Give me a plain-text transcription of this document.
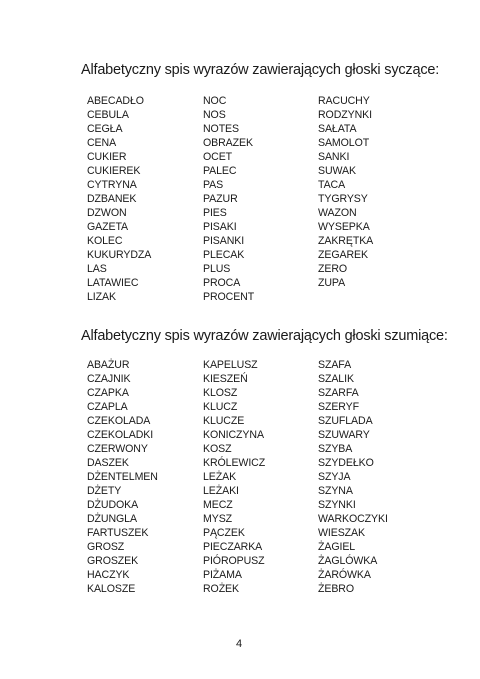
Alfabetyczny spis wyrazów zawierających głoski syczące:
ABECADŁO
CEBULA
CEGŁA
CENA
CUKIER
CUKIEREK
CYTRYNA
DZBANEK
DZWON
GAZETA
KOLEC
KUKURYDZA
LAS
LATAWIEC
LIZAK
NOC
NOS
NOTES
OBRAZEK
OCET
PALEC
PAS
PAZUR
PIES
PISAKI
PISANKI
PLECAK
PLUS
PROCA
PROCENT
RACUCHY
RODZYNKI
SAŁATA
SAMOLOT
SANKI
SUWAK
TACA
TYGRYSY
WAZON
WYSEPKA
ZAKRĘTKA
ZEGAREK
ZERO
ZUPA
Alfabetyczny spis wyrazów zawierających głoski szumiące:
ABAŻUR
CZAJNIK
CZAPKA
CZAPLA
CZEKOLADA
CZEKOLADKI
CZERWONY
DASZEK
DŻENTELMEN
DŻETY
DŻUDOKA
DŻUNGLA
FARTUSZEK
GROSZ
GROSZEK
HACZYK
KALOSZE
KAPELUSZ
KIESZEŃ
KLOSZ
KLUCZ
KLUCZE
KONICZYNA
KOSZ
KRÓLEWICZ
LEŻAK
LEŻAKI
MECZ
MYSZ
PĄCZEK
PIECZARKA
PIÓROPUSZ
PIŻAMA
ROŻEK
SZAFA
SZALIK
SZARFA
SZERYF
SZUFLADA
SZUWARY
SZYBA
SZYDEŁKO
SZYJA
SZYNA
SZYNKI
WARKOCZYKI
WIESZAK
ŻAGIEL
ŻAGLÓWKA
ŻARÓWKA
ŻEBRO
4
